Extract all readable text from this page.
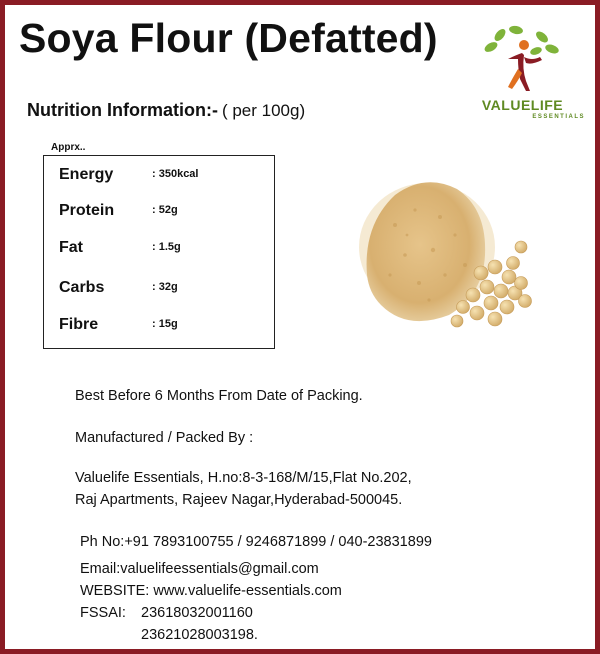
Soya Flour (Defatted)
Nutrition Information:- ( per 100g)	VALUELIFE
ESSENTIALS
Apprx..
Energy	: 350kcal
Protein	: 52g
Fat	: 1.5g
Carbs	: 32g
Fibre	: 15g
Best Before 6 Months From Date of Packing.
Manufactured / Packed By :
Valuelife Essentials, H.no:8-3-168/M/15,Flat No.202,
Raj Apartments, Rajeev Nagar,Hyderabad-500045.
Ph No:+91 7893100755 / 9246871899 / 040-23831899
Email:valuelifeessentials@gmail.com
WEBSITE: www.valuelife-essentials.com
FSSAI: 23618032001160
23621028003198.
